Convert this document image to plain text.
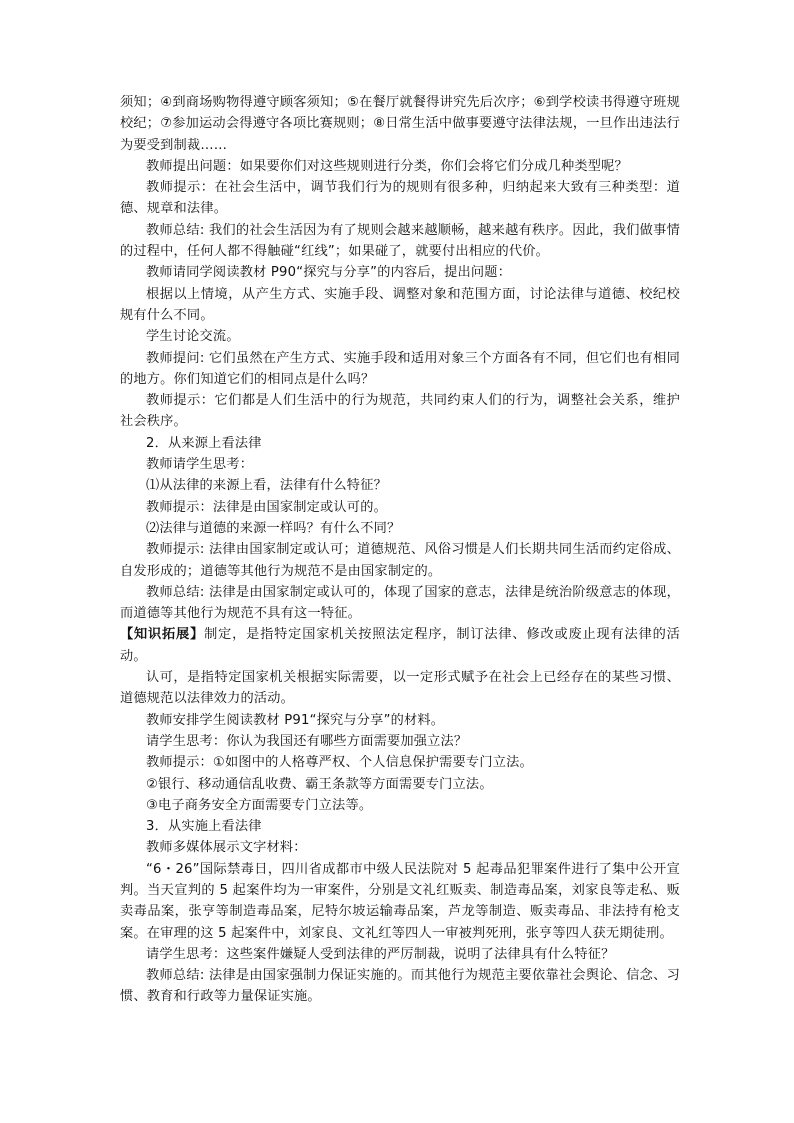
须知；④到商场购物得遵守顾客须知；⑤在餐厅就餐得讲究先后次序；⑥到学校读书得遵守班规校纪；⑦参加运动会得遵守各项比赛规则；⑧日常生活中做事要遵守法律法规，一旦作出违法行为要受到制裁……

教师提出问题：如果要你们对这些规则进行分类，你们会将它们分成几种类型呢？

教师提示：在社会生活中，调节我们行为的规则有很多种，归纳起来大致有三种类型：道德、规章和法律。

教师总结: 我们的社会生活因为有了规则会越来越顺畅，越来越有秩序。因此，我们做事情的过程中，任何人都不得触碰“红线”；如果碰了，就要付出相应的代价。

教师请同学阅读教材 P90“探究与分享”的内容后，提出问题：

根据以上情境，从产生方式、实施手段、调整对象和范围方面，讨论法律与道德、校纪校规有什么不同。

学生讨论交流。

教师提问: 它们虽然在产生方式、实施手段和适用对象三个方面各有不同，但它们也有相同的地方。你们知道它们的相同点是什么吗？

教师提示：它们都是人们生活中的行为规范，共同约束人们的行为，调整社会关系，维护社会秩序。

2．从来源上看法律

教师请学生思考：

⑴从法律的来源上看，法律有什么特征？

教师提示：法律是由国家制定或认可的。

⑵法律与道德的来源一样吗？有什么不同？

教师提示: 法律由国家制定或认可；道德规范、风俗习惯是人们长期共同生活而约定俗成、自发形成的；道德等其他行为规范不是由国家制定的。

教师总结: 法律是由国家制定或认可的，体现了国家的意志，法律是统治阶级意志的体现，而道德等其他行为规范不具有这一特征。

【知识拓展】制定，是指特定国家机关按照法定程序，制订法律、修改或废止现有法律的活动。

认可，是指特定国家机关根据实际需要，以一定形式赋予在社会上已经存在的某些习惯、道德规范以法律效力的活动。

教师安排学生阅读教材 P91“探究与分享”的材料。

请学生思考：你认为我国还有哪些方面需要加强立法？

教师提示：①如图中的人格尊严权、个人信息保护需要专门立法。

②银行、移动通信乱收费、霸王条款等方面需要专门立法。

③电子商务安全方面需要专门立法等。

3．从实施上看法律

教师多媒体展示文字材料：

“6・26”国际禁毒日，四川省成都市中级人民法院对 5 起毒品犯罪案件进行了集中公开宣判。当天宣判的 5 起案件均为一审案件，分别是文礼红贩卖、制造毒品案，刘家良等走私、贩卖毒品案，张亨等制造毒品案，尼特尔坡运输毒品案，芦龙等制造、贩卖毒品、非法持有枪支案。在审理的这 5 起案件中，刘家良、文礼红等四人一审被判死刑，张亨等四人获无期徒刑。

请学生思考：这些案件嫌疑人受到法律的严厉制裁，说明了法律具有什么特征？

教师总结: 法律是由国家强制力保证实施的。而其他行为规范主要依靠社会舆论、信念、习惯、教育和行政等力量保证实施。
